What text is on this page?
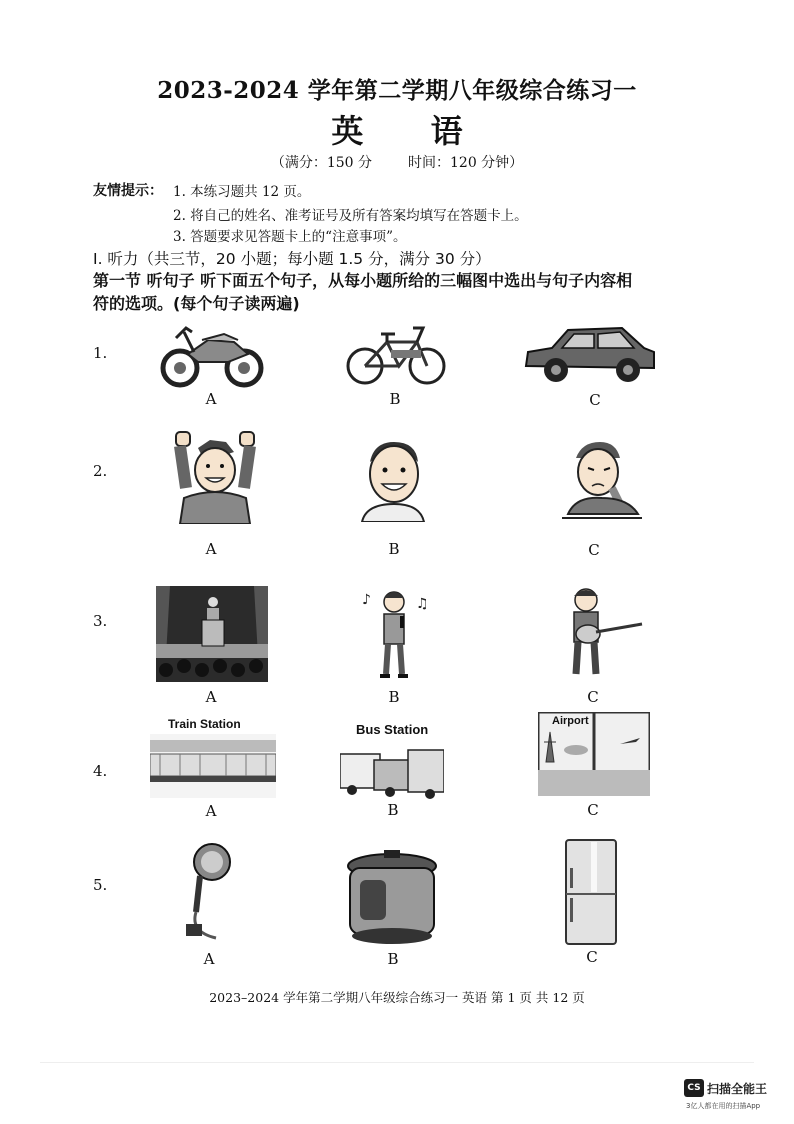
2023-2024 学年第二学期八年级综合练习一
英 语
（满分：150 分	时间：120 分钟）
友情提示： 1. 本练习题共 12 页。
2. 将自己的姓名、准考证号及所有答案均填写在答题卡上。
3. 答题要求见答题卡上的“注意事项”。
I. 听力（共三节，20 小题；每小题 1.5 分，满分 30 分）
第一节 听句子 听下面五个句子，从每小题所给的三幅图中选出与句子内容相
符的选项。(每个句子读两遍)
1.
A	B	C
2.
A	B	C
3.
A
♪	♫
B	C
4.
Train Station
A
Bus Station
B
Airport
C
5.
A	B	C
2023–2024 学年第二学期八年级综合练习一 英语 第 1 页 共 12 页
CS 扫描全能王
3亿人都在用的扫描App
